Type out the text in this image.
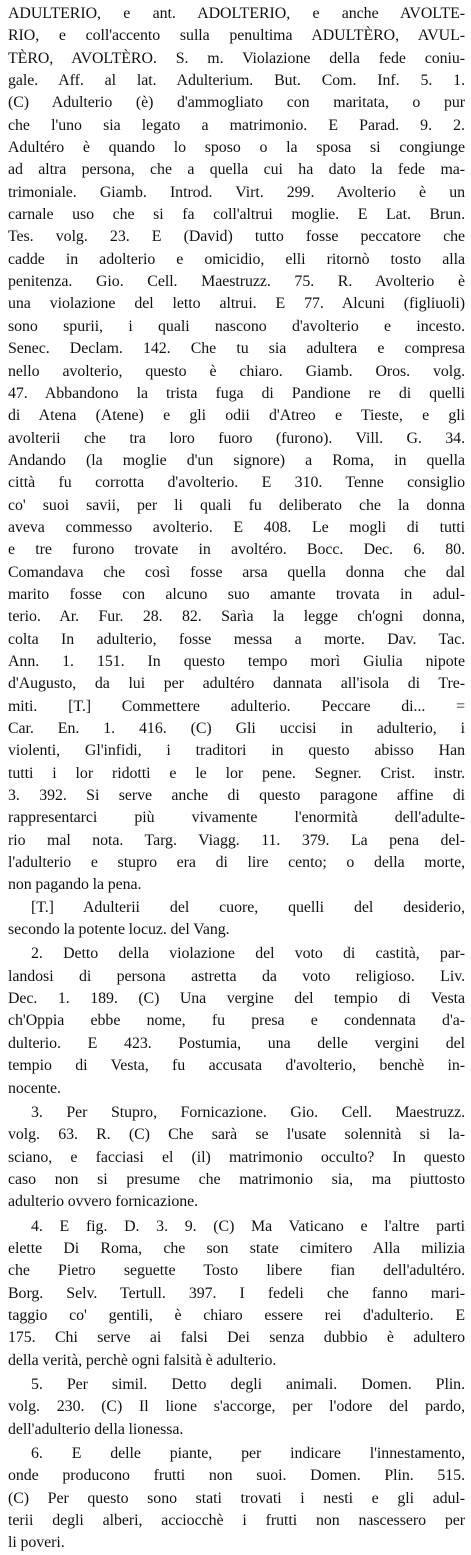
ADULTERIO, e ant. ADOLTERIO, e anche AVOLTE-
RIO, e coll'accento sulla penultima ADULTÈRO, AVUL-
TÈRO, AVOLTÈRO. S. m. Violazione della fede coniu-
gale. Aff. al lat. Adulterium. But. Com. Inf. 5. 1.
(C) Adulterio (è) d'ammogliato con maritata, o pur
che l'uno sia legato a matrimonio. E Parad. 9. 2.
Adultéro è quando lo sposo o la sposa si congiunge
ad altra persona, che a quella cui ha dato la fede ma-
trimoniale. Giamb. Introd. Virt. 299. Avolterio è un
carnale uso che si fa coll'altrui moglie. E Lat. Brun.
Tes. volg. 23. E (David) tutto fosse peccatore che
cadde in adolterio e omicidio, elli ritornò tosto alla
penitenza. Gio. Cell. Maestruzz. 75. R. Avolterio è
una violazione del letto altrui. E 77. Alcuni (figliuoli)
sono spurii, i quali nascono d'avolterio e incesto.
Senec. Declam. 142. Che tu sia adultera e compresa
nello avolterio, questo è chiaro. Giamb. Oros. volg.
47. Abbandono la trista fuga di Pandione re di quelli
di Atena (Atene) e gli odii d'Atreo e Tieste, e gli
avolterii che tra loro fuoro (furono). Vill. G. 34.
Andando (la moglie d'un signore) a Roma, in quella
città fu corrotta d'avolterio. E 310. Tenne consiglio
co' suoi savii, per li quali fu deliberato che la donna
aveva commesso avolterio. E 408. Le mogli di tutti
e tre furono trovate in avoltéro. Bocc. Dec. 6. 80.
Comandava che così fosse arsa quella donna che dal
marito fosse con alcuno suo amante trovata in adul-
terio. Ar. Fur. 28. 82. Sarìa la legge ch'ogni donna,
colta In adulterio, fosse messa a morte. Dav. Tac.
Ann. 1. 151. In questo tempo morì Giulia nipote
d'Augusto, da lui per adultéro dannata all'isola di Tre-
miti. [T.] Commettere adulterio. Peccare di... =
Car. En. 1. 416. (C) Gli uccisi in adulterio, i
violenti, Gl'infidi, i traditori in questo abisso Han
tutti i lor ridotti e le lor pene. Segner. Crist. instr.
3. 392. Si serve anche di questo paragone affine di
rappresentarci più vivamente l'enormità dell'adulte-
rio mal nota. Targ. Viagg. 11. 379. La pena del-
l'adulterio e stupro era di lire cento; o della morte,
non pagando la pena.

[T.] Adulterii del cuore, quelli del desiderio,
secondo la potente locuz. del Vang.

2. Detto della violazione del voto di castità, par-
landosi di persona astretta da voto religioso. Liv.
Dec. 1. 189. (C) Una vergine del tempio di Vesta
ch'Oppia ebbe nome, fu presa e condennata d'a-
dulterio. E 423. Postumia, una delle vergini del
tempio di Vesta, fu accusata d'avolterio, benchè in-
nocente.

3. Per Stupro, Fornicazione. Gio. Cell. Maestruzz.
volg. 63. R. (C) Che sarà se l'usate solennità si la-
sciano, e facciasi el (il) matrimonio occulto? In questo
caso non si presume che matrimonio sia, ma piuttosto
adulterio ovvero fornicazione.

4. E fig. D. 3. 9. (C) Ma Vaticano e l'altre parti
elette Di Roma, che son state cimitero Alla milizia
che Pietro seguette Tosto libere fian dell'adultéro.
Borg. Selv. Tertull. 397. I fedeli che fanno mari-
taggio co' gentili, è chiaro essere rei d'adulterio. E
175. Chi serve ai falsi Dei senza dubbio è adultero
della verità, perchè ogni falsità è adulterio.

5. Per simil. Detto degli animali. Domen. Plin.
volg. 230. (C) Il lione s'accorge, per l'odore del pardo,
dell'adulterio della lionessa.

6. E delle piante, per indicare l'innestamento,
onde producono frutti non suoi. Domen. Plin. 515.
(C) Per questo sono stati trovati i nesti e gli adul-
terii degli alberi, acciocchè i frutti non nascessero per
li poveri.
